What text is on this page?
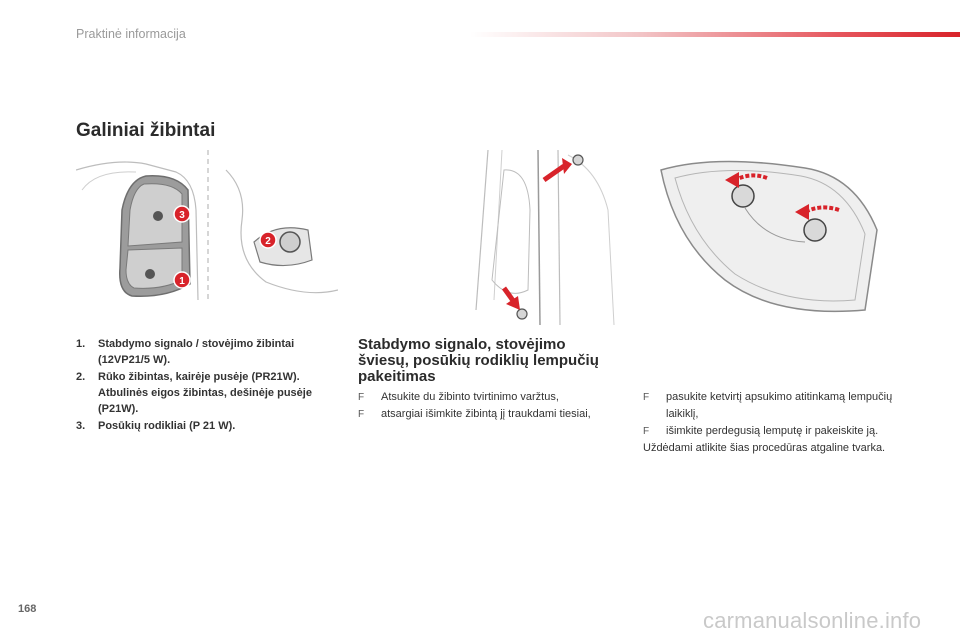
Praktinė informacija
Galiniai žibintai
3
2
1
1.	Stabdymo signalo / stovėjimo žibintai (12VP21/5 W).
2.	Rūko žibintas, kairėje pusėje (PR21W). Atbulinės eigos žibintas, dešinėje pusėje (P21W).
3.	Posūkių rodikliai (P 21 W).
Stabdymo signalo, stovėjimo šviesų, posūkių rodiklių lempučių pakeitimas
F	Atsukite du žibinto tvirtinimo varžtus,
F	atsargiai išimkite žibintą jį traukdami tiesiai,
F	pasukite ketvirtį apsukimo atitinkamą lempučių laikiklį,
F	išimkite perdegusią lemputę ir pakeiskite ją.
Uždėdami atlikite šias procedūras atgaline tvarka.
168	carmanualsonline.info
